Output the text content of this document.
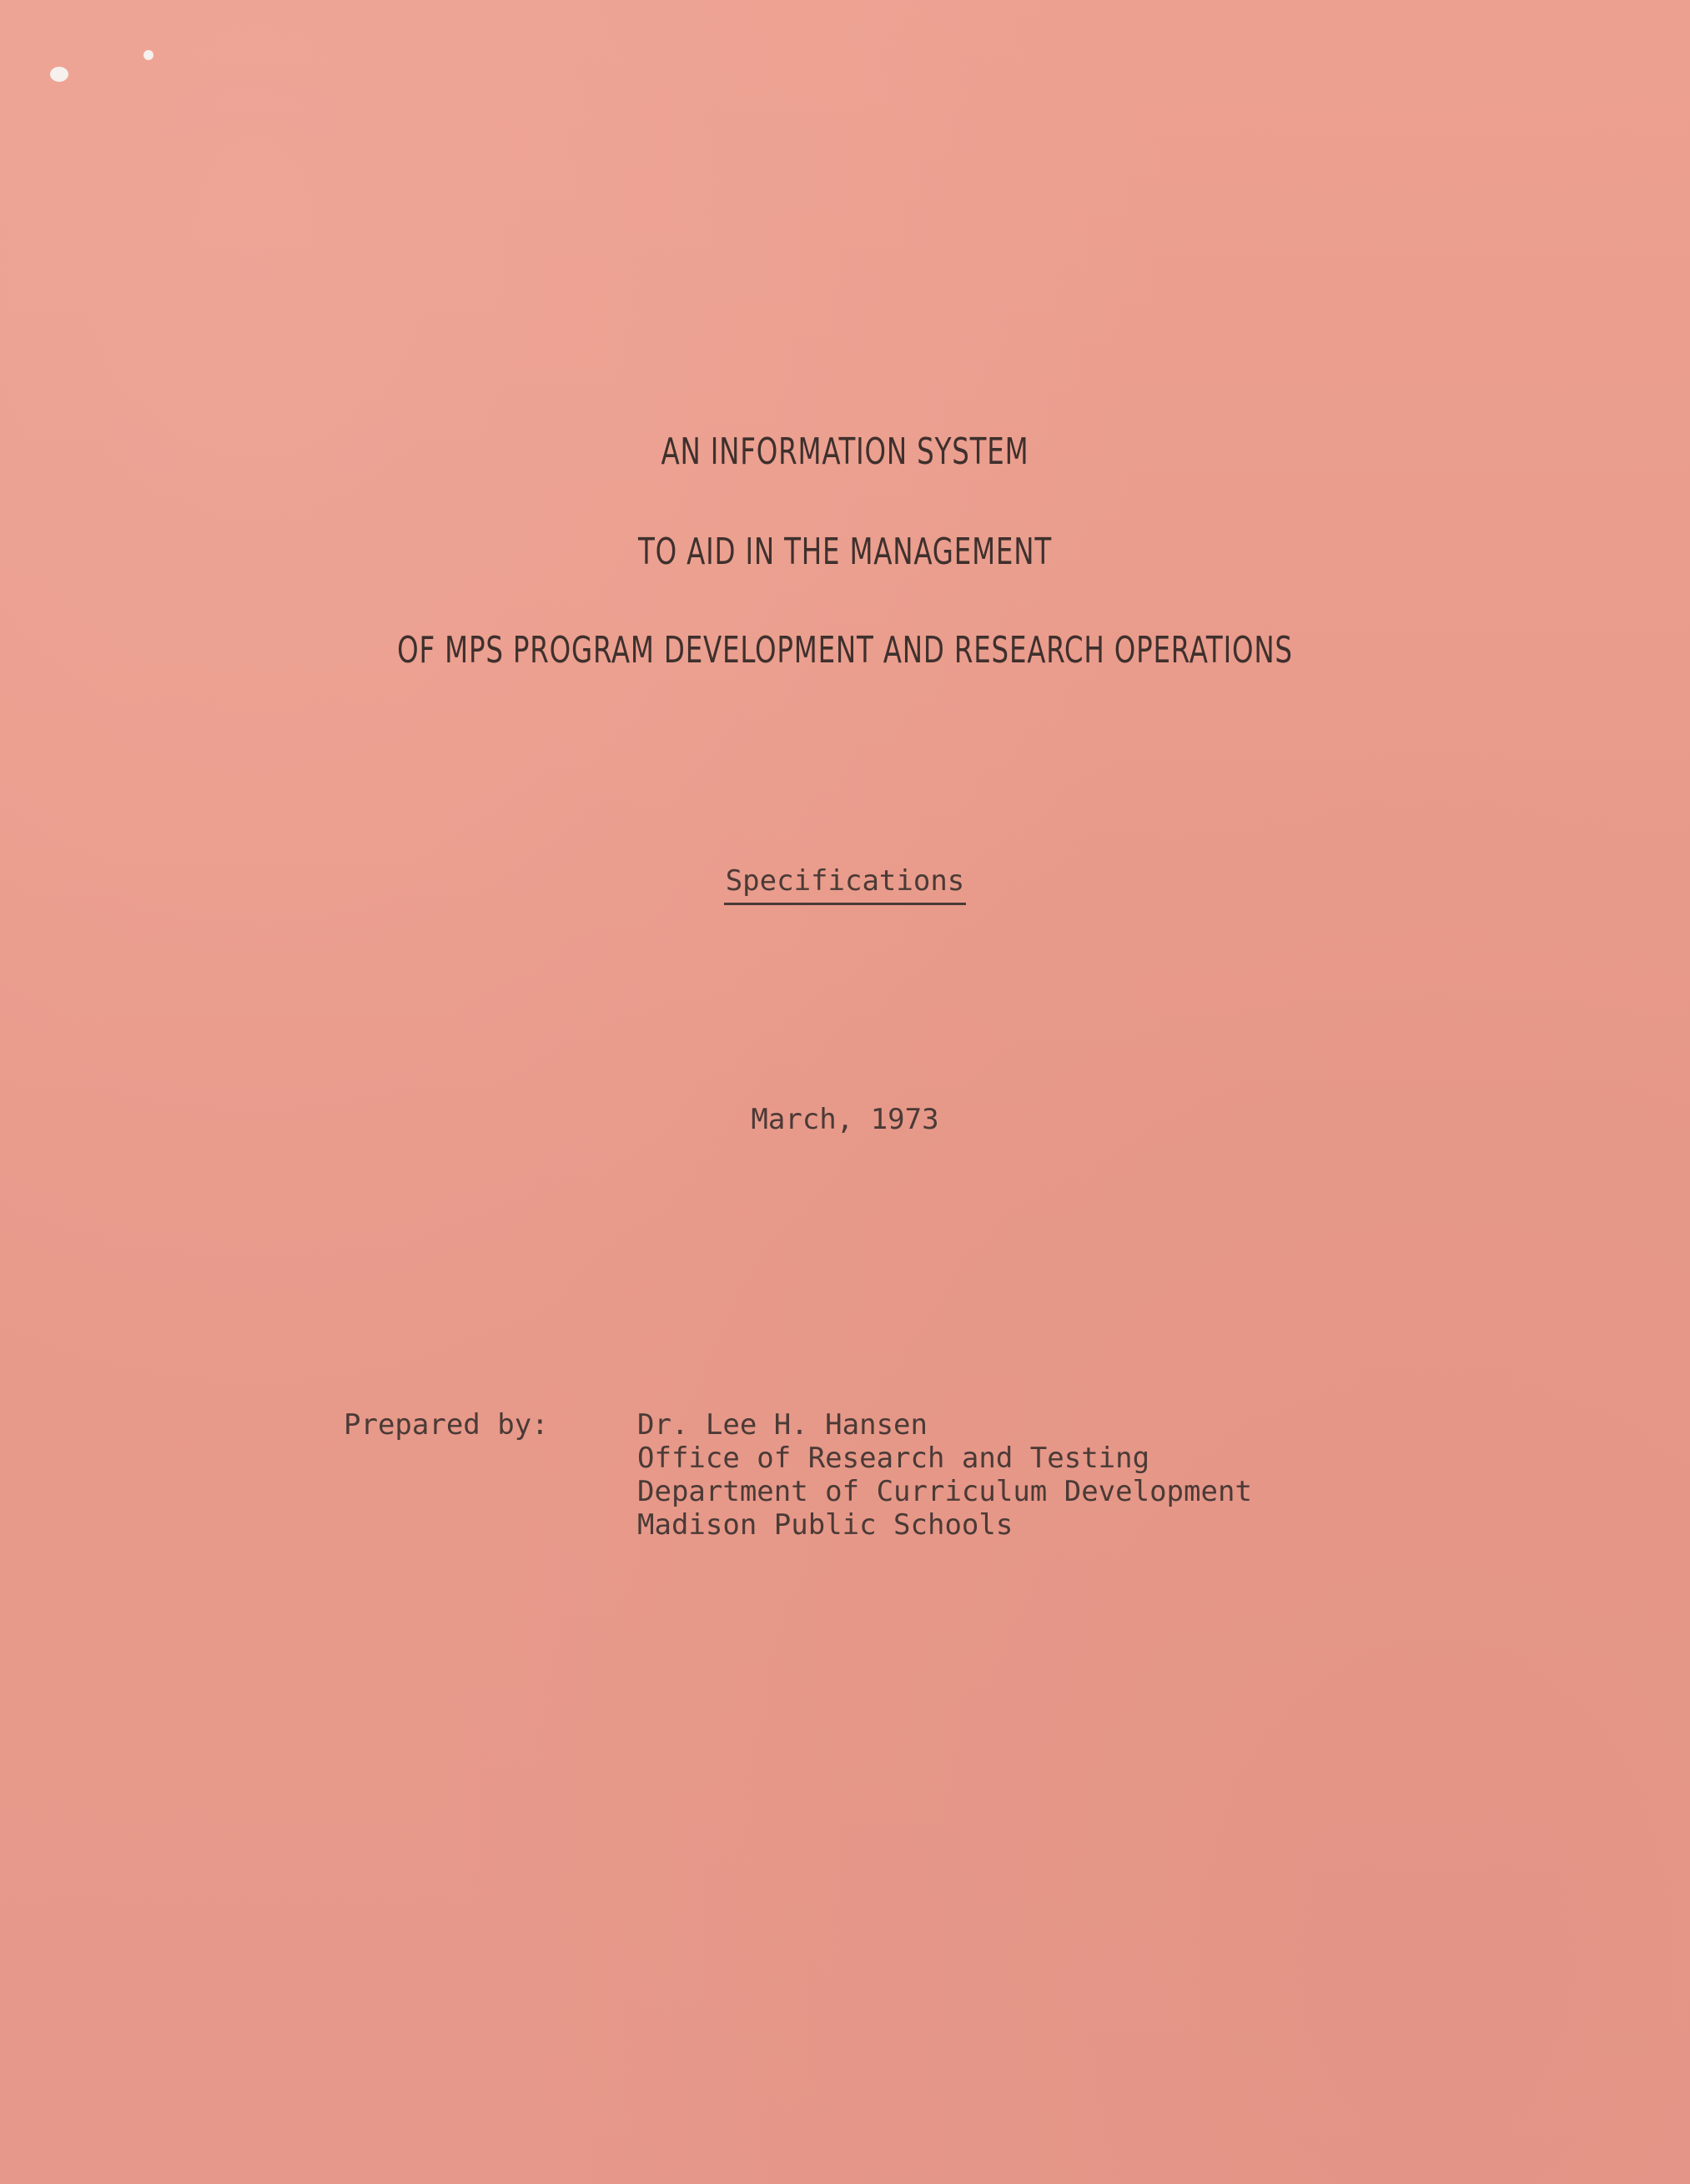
AN INFORMATION SYSTEM
TO AID IN THE MANAGEMENT
OF MPS PROGRAM DEVELOPMENT AND RESEARCH OPERATIONS
Specifications
March, 1973
Prepared by:	Dr. Lee H. Hansen
Office of Research and Testing
Department of Curriculum Development
Madison Public Schools
